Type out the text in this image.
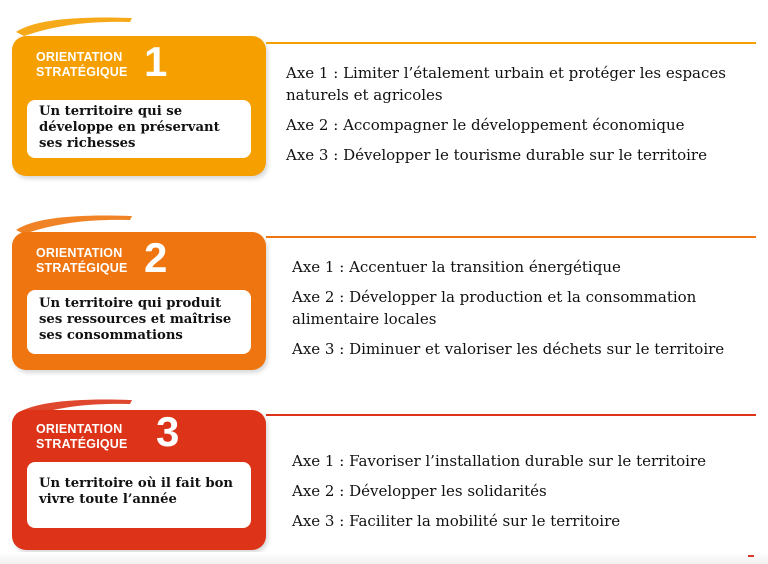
ORIENTATION
STRATÉGIQUE 1
Un territoire qui se développe en préservant ses richesses
Axe 1 : Limiter l’étalement urbain et protéger les espaces naturels et agricoles
Axe 2 : Accompagner le développement économique
Axe 3 : Développer le tourisme durable sur le territoire
ORIENTATION
STRATÉGIQUE 2
Un territoire qui produit ses ressources et maîtrise ses consommations
Axe 1 : Accentuer la transition énergétique
Axe 2 : Développer la production et la consommation alimentaire locales
Axe 3 : Diminuer et valoriser les déchets sur le territoire
ORIENTATION
STRATÉGIQUE 3
Un territoire où il fait bon vivre toute l’année
Axe 1 : Favoriser l’installation durable sur le territoire
Axe 2 : Développer les solidarités
Axe 3 : Faciliter la mobilité sur le territoire
